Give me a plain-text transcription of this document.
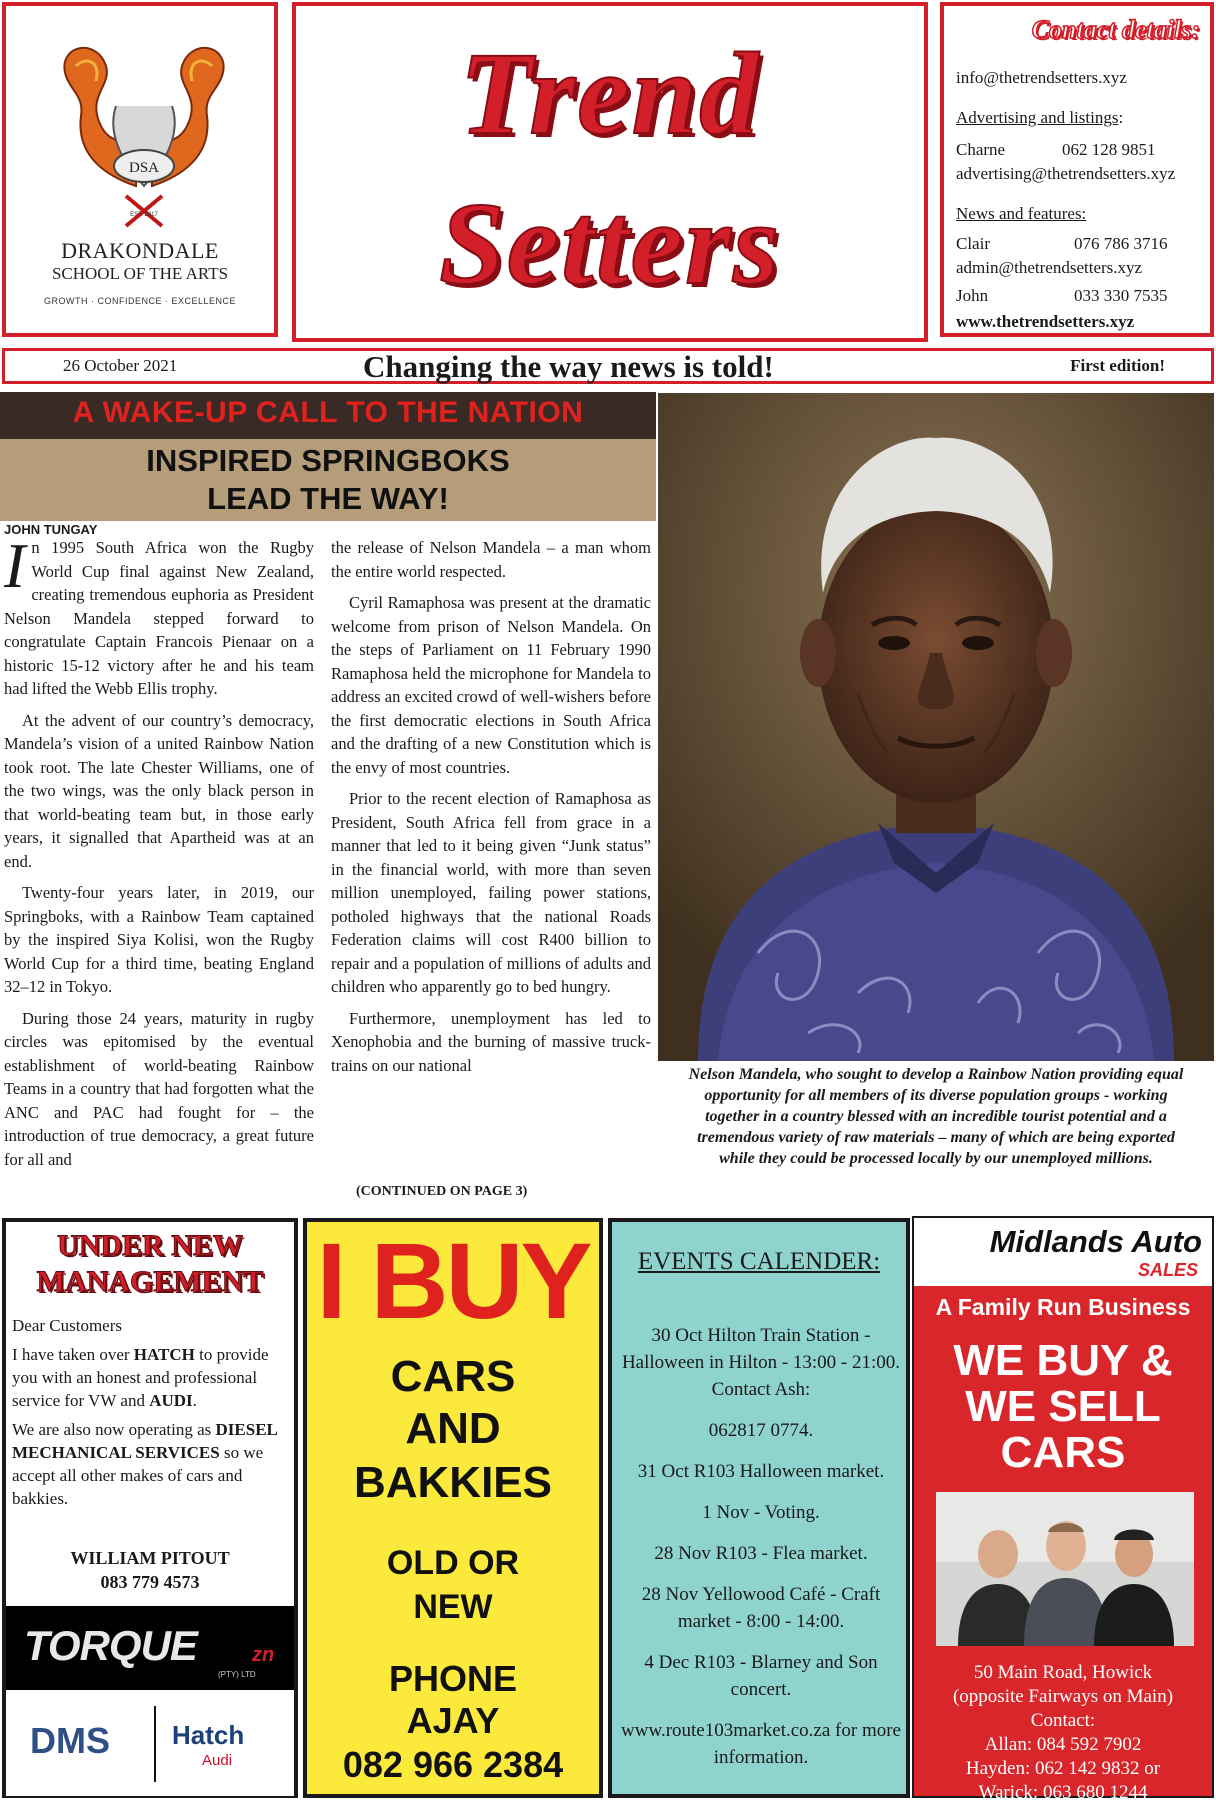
DSA
EST. 2017
DRAKONDALE
SCHOOL OF THE ARTS
GROWTH · CONFIDENCE · EXCELLENCE
Trend
Setters
Contact details:
info@thetrendsetters.xyz
Advertising and listings:
Charne	062 128 9851
advertising@thetrendsetters.xyz
News and features:
Clair	076 786 3716
admin@thetrendsetters.xyz
John	033 330 7535
www.thetrendsetters.xyz
26 October 2021	Changing the way news is told!	First edition!
A WAKE-UP CALL TO THE NATION
INSPIRED SPRINGBOKS
LEAD THE WAY!
JOHN TUNGAY

In 1995 South Africa won the Rugby World Cup final against New Zealand, creating tremendous euphoria as President Nelson Mandela stepped forward to congratulate Captain Francois Pienaar on a historic 15-12 victory after he and his team had lifted the Webb Ellis trophy.

At the advent of our country’s democracy, Mandela’s vision of a united Rainbow Nation took root. The late Chester Williams, one of the two wings, was the only black person in that world-beating team but, in those early years, it signalled that Apartheid was at an end.

Twenty-four years later, in 2019, our Springboks, with a Rainbow Team captained by the inspired Siya Kolisi, won the Rugby World Cup for a third time, beating England 32–12 in Tokyo.

During those 24 years, maturity in rugby circles was epitomised by the eventual establishment of world-beating Rainbow Teams in a country that had forgotten what the ANC and PAC had fought for – the introduction of true democracy, a great future for all and

the release of Nelson Mandela – a man whom the entire world respected.

Cyril Ramaphosa was present at the dramatic welcome from prison of Nelson Mandela. On the steps of Parliament on 11 February 1990 Ramaphosa held the microphone for Mandela to address an excited crowd of well-wishers before the first democratic elections in South Africa and the drafting of a new Constitution which is the envy of most countries.

Prior to the recent election of Ramaphosa as President, South Africa fell from grace in a manner that led to it being given “Junk status” in the financial world, with more than seven million unemployed, failing power stations, potholed highways that the national Roads Federation claims will cost R400 billion to repair and a population of millions of adults and children who apparently go to bed hungry.

Furthermore, unemployment has led to Xenophobia and the burning of massive truck-trains on our national

(CONTINUED ON PAGE 3)
Nelson Mandela, who sought to develop a Rainbow Nation providing equal opportunity for all members of its diverse population groups - working together in a country blessed with an incredible tourist potential and a tremendous variety of raw materials – many of which are being exported while they could be processed locally by our unemployed millions.
UNDER NEW
MANAGEMENT

Dear Customers

I have taken over HATCH to provide you with an honest and professional service for VW and AUDI.

We are also now operating as DIESEL MECHANICAL SERVICES so we accept all other makes of cars and bakkies.

WILLIAM PITOUT
083 779 4573
TORQUE	zn
(PTY) LTD
DMS Hatch
Audi
I BUY
CARS
AND
BAKKIES
OLD OR
NEW
PHONE
AJAY
082 966 2384
EVENTS CALENDER:

30 Oct Hilton Train Station - Halloween in Hilton - 13:00 - 21:00. Contact Ash:

062817 0774.

31 Oct R103 Halloween market.

1 Nov - Voting.

28 Nov R103 - Flea market.

28 Nov Yellowood Café - Craft market - 8:00 - 14:00.

4 Dec R103 - Blarney and Son concert.

www.route103market.co.za for more information.

Midlands Auto
SALES
A Family Run Business
WE BUY &
WE SELL
CARS
50 Main Road, Howick
(opposite Fairways on Main)
Contact:
Allan: 084 592 7902
Hayden: 062 142 9832 or
Warick: 063 680 1244
